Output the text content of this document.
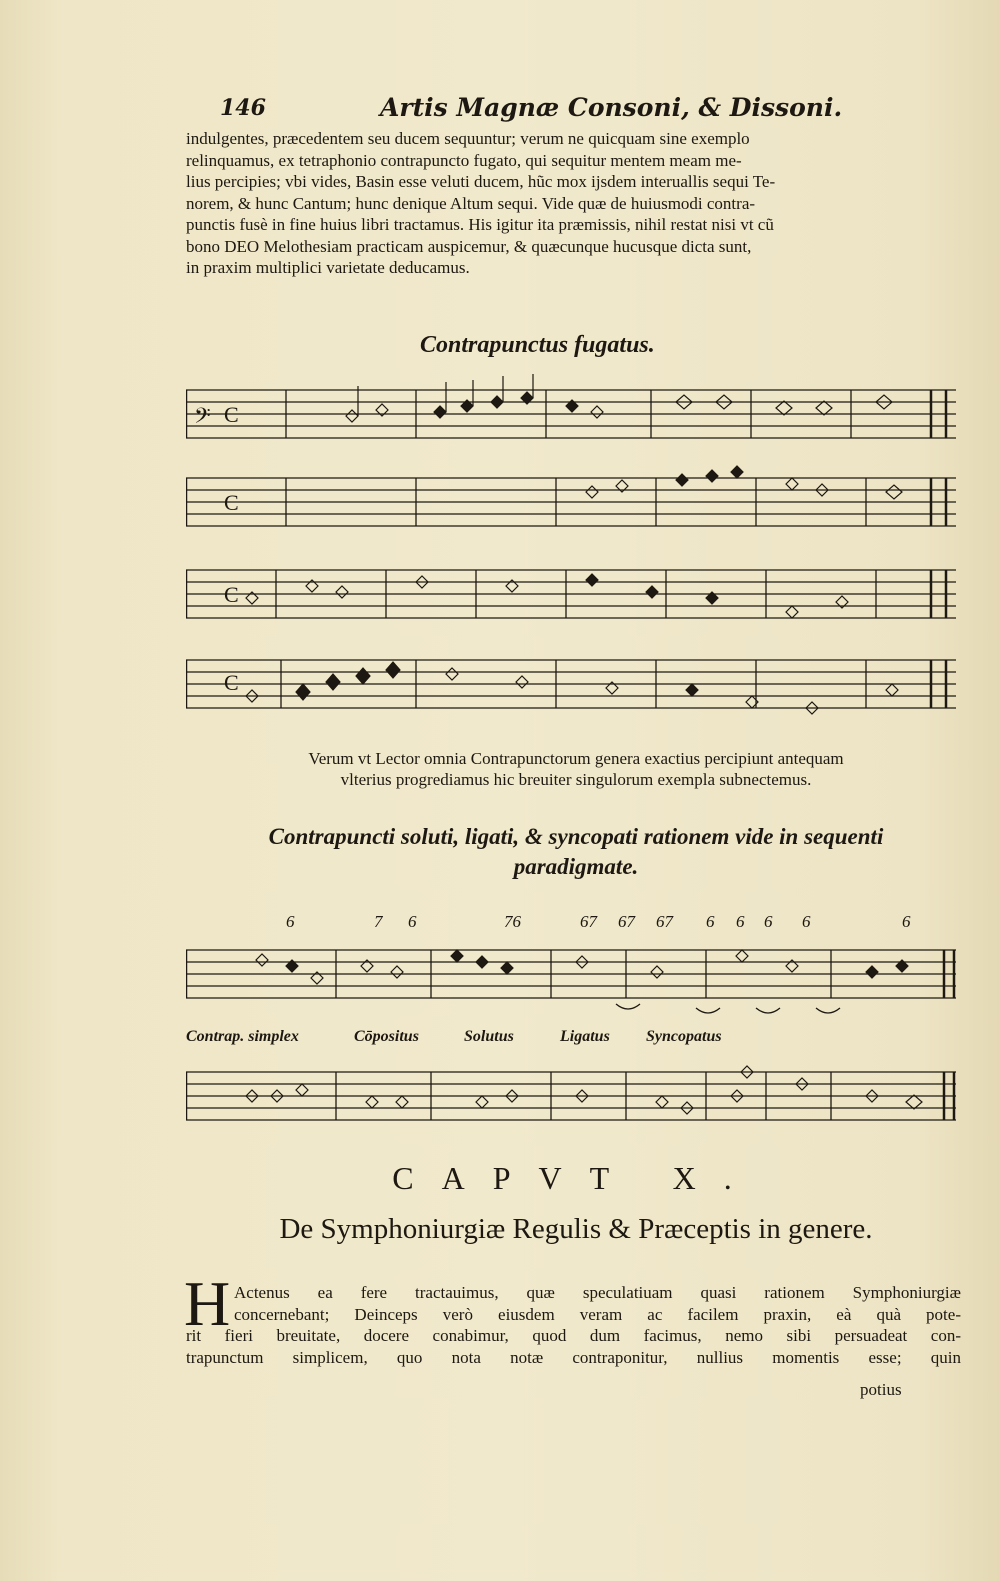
146	Artis Magnæ Consoni, & Dissoni.
indulgentes, præcedentem seu ducem sequuntur; verum ne quicquam sine exemplo
relinquamus, ex tetraphonio contrapuncto fugato, qui sequitur mentem meam me-
lius percipies; vbi vides, Basin esse veluti ducem, hũc mox ijsdem interuallis sequi Te-
norem, & hunc Cantum; hunc denique Altum sequi. Vide quæ de huiusmodi contra-
punctis fusè in fine huius libri tractamus. His igitur ita præmissis, nihil restat nisi vt cũ
bono DEO Melothesiam practicam auspicemur, & quæcunque hucusque dicta sunt,
in praxim multiplici varietate deducamus.
Contrapunctus fugatus.
𝄢 C
C
C
C
Verum vt Lector omnia Contrapunctorum genera exactius percipiunt antequam
vlterius progrediamus hic breuiter singulorum exempla subnectemus.
Contrapuncti soluti, ligati, & syncopati rationem vide in sequenti
paradigmate.
6	7 6	76	67 67 67 6 6 6 6	6
Contrap. simplex	Cōpositus	Solutus	Ligatus Syncopatus
CAPVT X.
De Symphoniurgiæ Regulis & Præceptis in genere.
H Actenus ea fere tractauimus, quæ speculatiuam quasi rationem Symphoniurgiæ
concernebant; Deinceps verò eiusdem veram ac facilem praxin, eà quà pote-
rit fieri breuitate, docere conabimur, quod dum facimus, nemo sibi persuadeat con-
trapunctum simplicem, quo nota notæ contraponitur, nullius momentis esse; quin
potius
